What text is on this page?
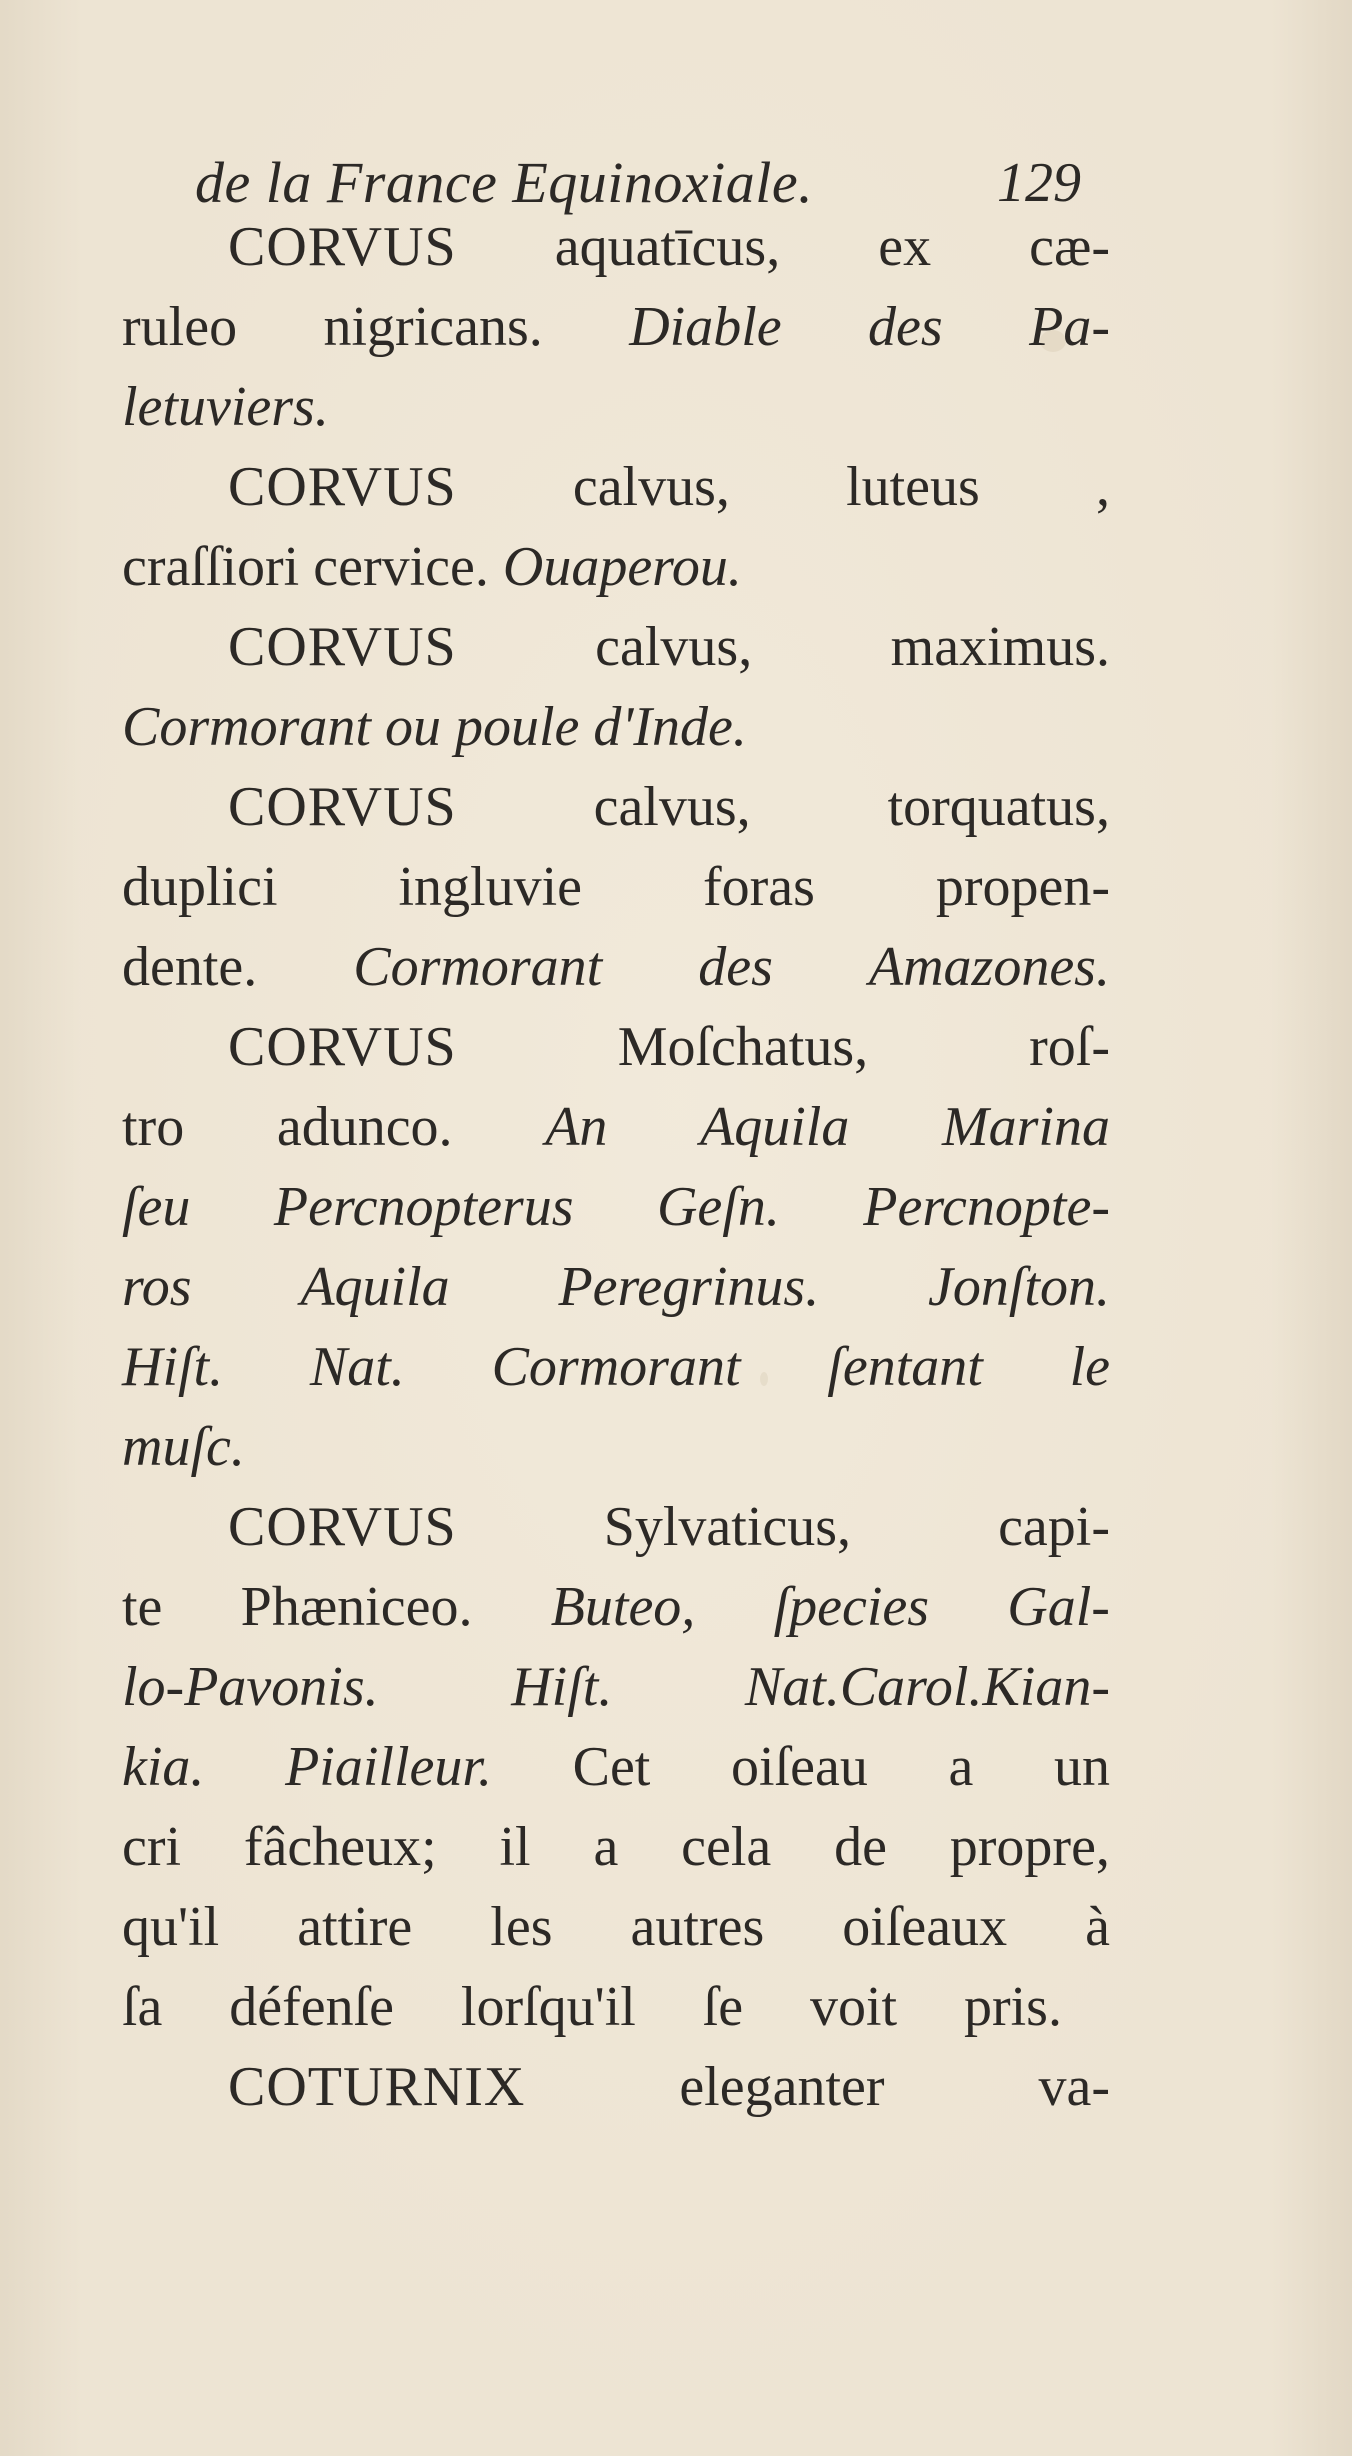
de la France Equinoxiale.	129
CORVUS aquatīcus, ex cæ-
ruleo nigricans. Diable des Pa-
letuviers.
CORVUS calvus, luteus ,
craſſiori cervice. Ouaperou.
CORVUS calvus, maximus.
Cormorant ou poule d'Inde.
CORVUS calvus, torquatus,
duplici ingluvie foras propen-
dente. Cormorant des Amazones.
CORVUS	Moſchatus,	roſ-
tro adunco. An Aquila Marina
ſeu Percnopterus Geſn. Percnopte-
ros Aquila Peregrinus. Jonſton.
Hiſt. Nat. Cormorant ſentant le
muſc.
CORVUS	Sylvaticus,	capi-
te Phæniceo. Buteo, ſpecies Gal-
lo-Pavonis. Hiſt. Nat.Carol.Kian-
kia. Piailleur. Cet oiſeau a un
cri fâcheux; il a cela de propre,
qu'il attire les autres oiſeaux à
ſa défenſe lorſqu'il ſe voit pris.
COTURNIX	eleganter	va-
